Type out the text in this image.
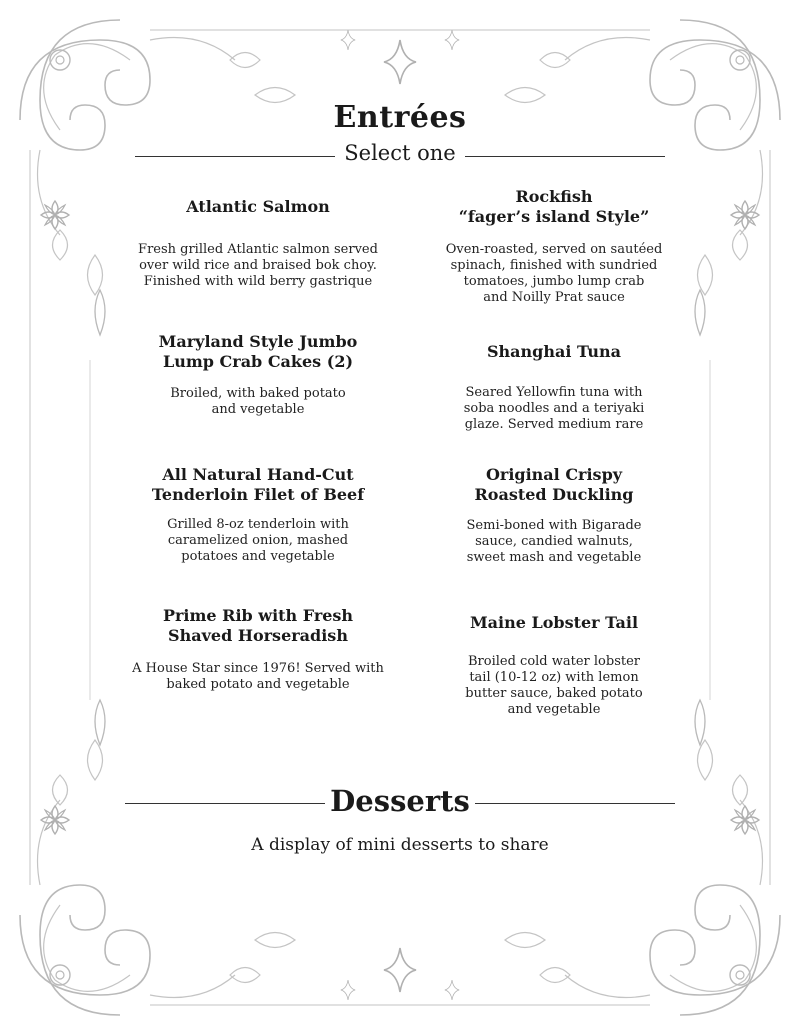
Entrées
Select one
Atlantic Salmon
Fresh grilled Atlantic salmon served
over wild rice and braised bok choy.
Finished with wild berry gastrique
Maryland Style Jumbo
Lump Crab Cakes (2)
Broiled, with baked potato
and vegetable
All Natural Hand-Cut
Tenderloin Filet of Beef
Grilled 8-oz tenderloin with
caramelized onion, mashed
potatoes and vegetable
Prime Rib with Fresh
Shaved Horseradish
A House Star since 1976! Served with
baked potato and vegetable
Rockfish
“fager’s island Style”
Oven-roasted, served on sautéed
spinach, finished with sundried
tomatoes, jumbo lump crab
and Noilly Prat sauce
Shanghai Tuna
Seared Yellowfin tuna with
soba noodles and a teriyaki
glaze. Served medium rare
Original Crispy
Roasted Duckling
Semi-boned with Bigarade
sauce, candied walnuts,
sweet mash and vegetable
Maine Lobster Tail
Broiled cold water lobster
tail (10-12 oz) with lemon
butter sauce, baked potato
and vegetable
Desserts
A display of mini desserts to share
